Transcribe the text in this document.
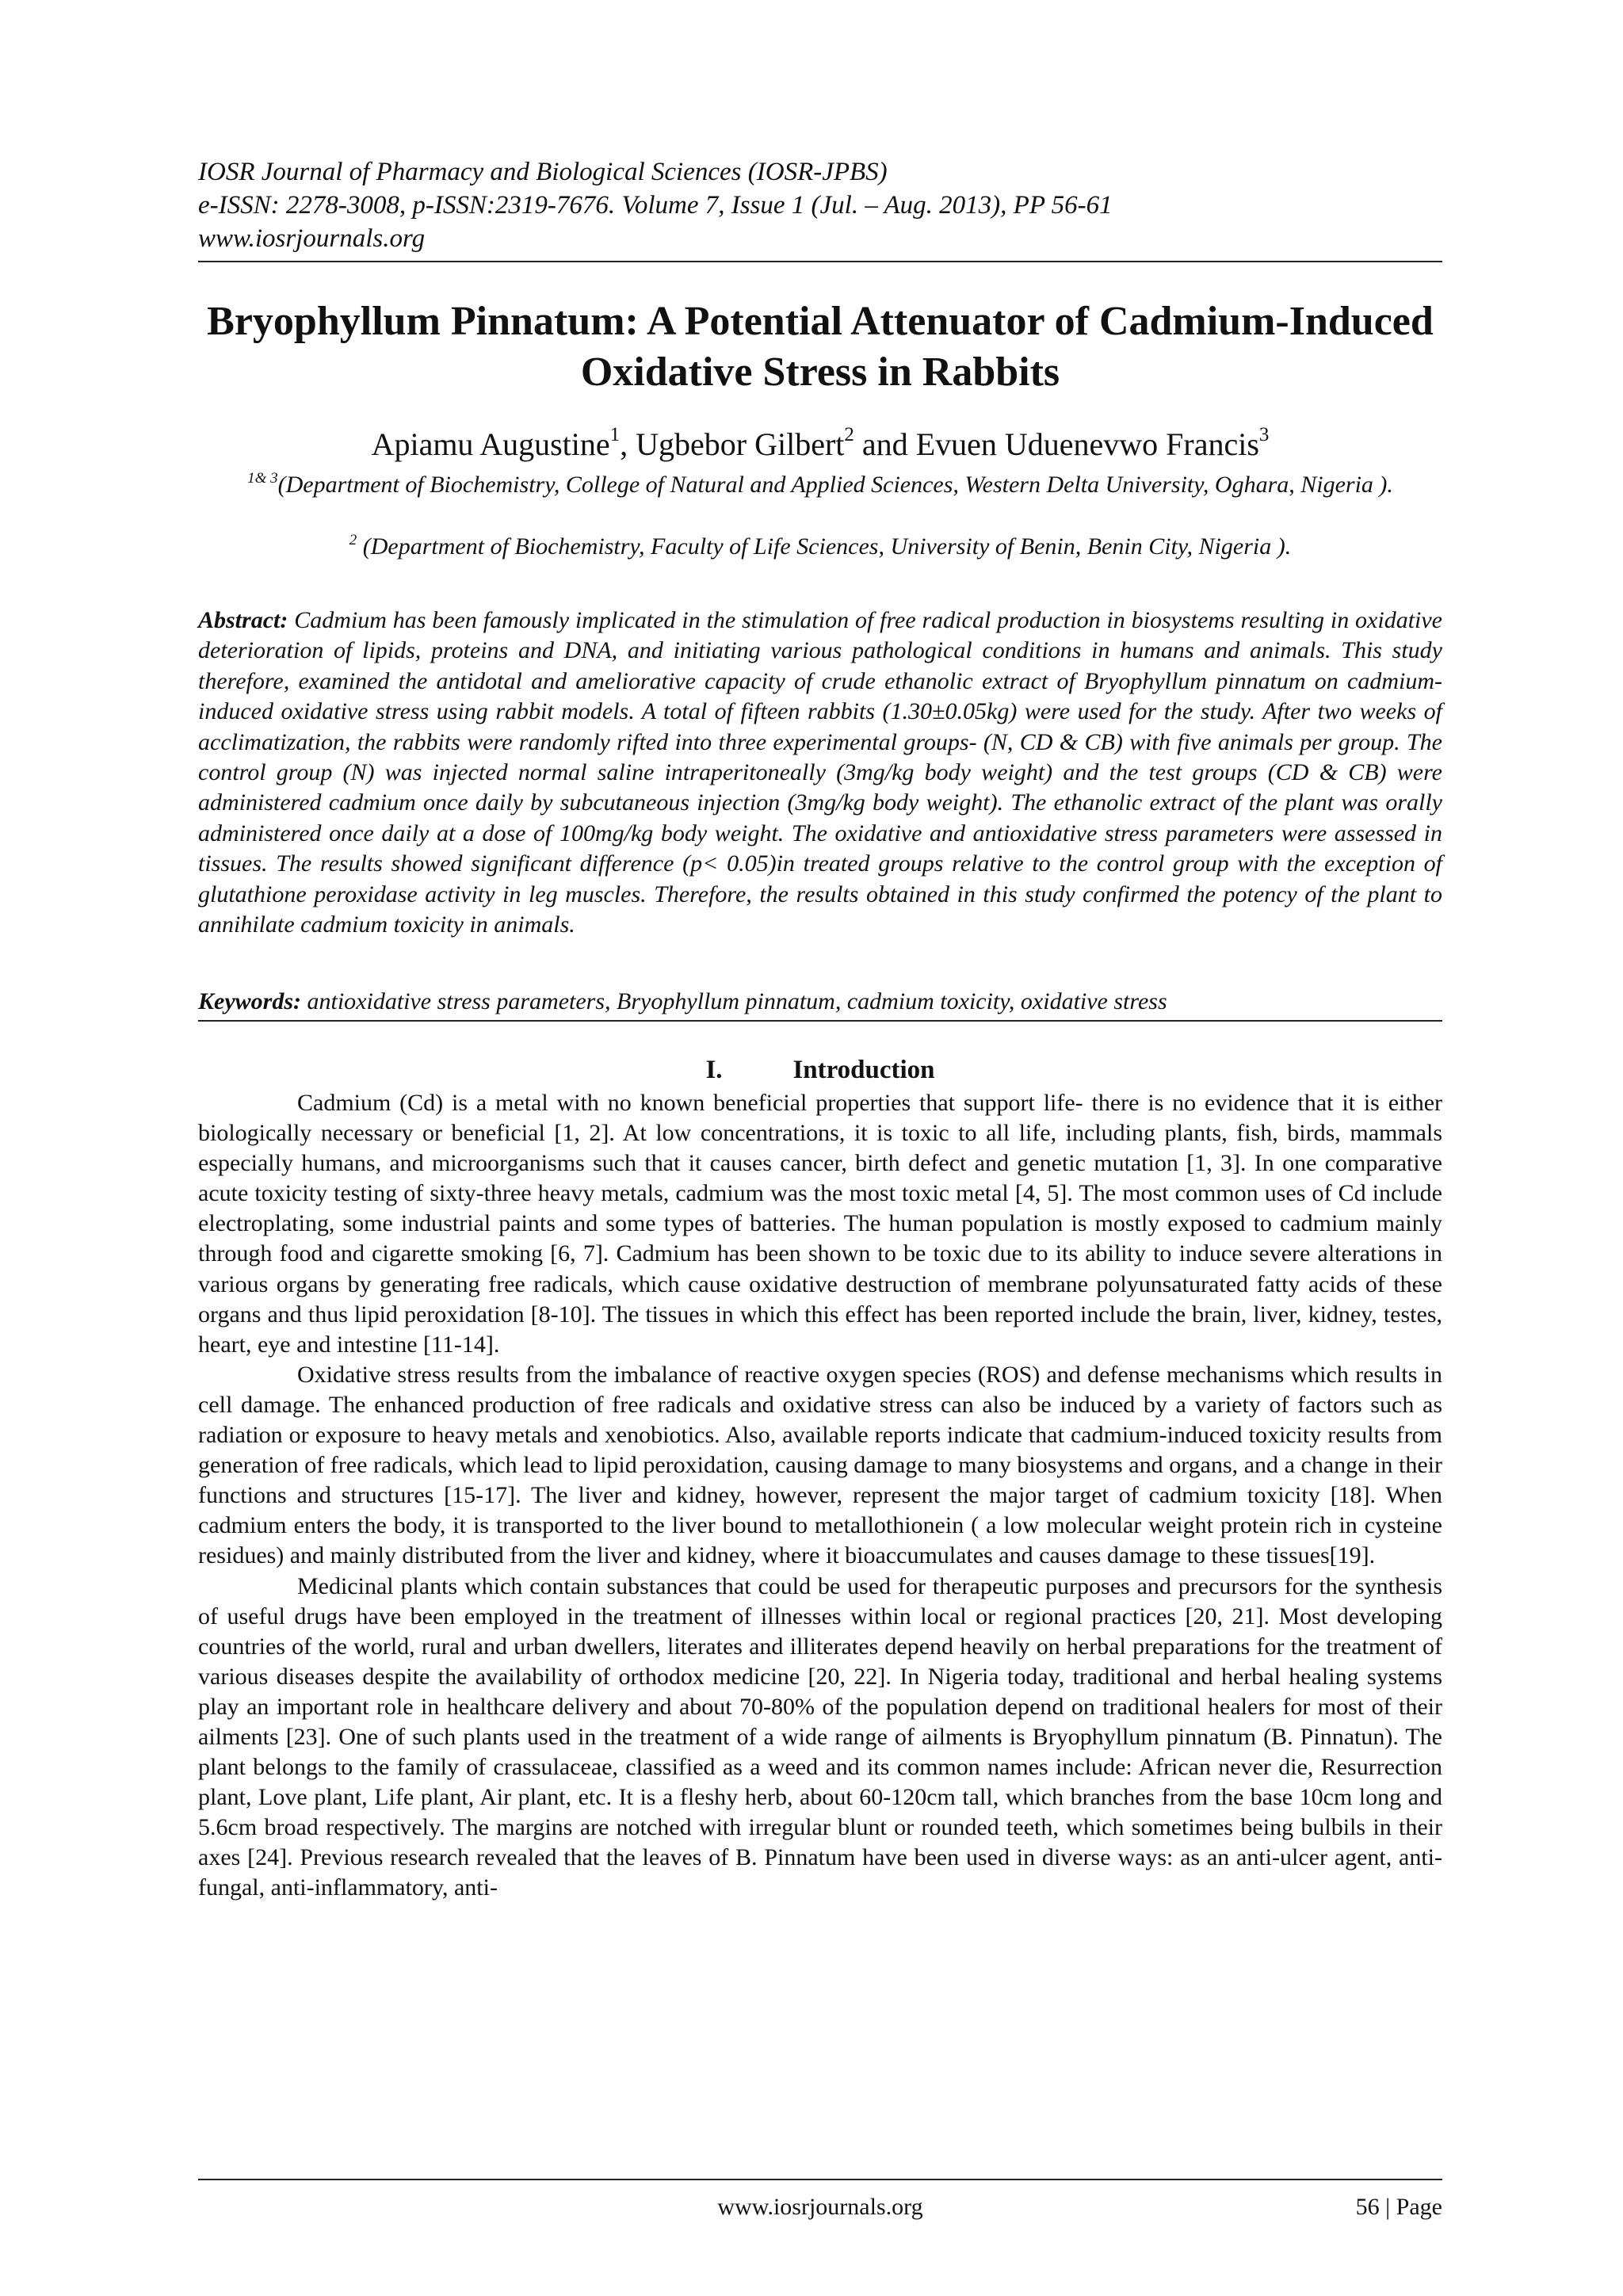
IOSR Journal of Pharmacy and Biological Sciences (IOSR-JPBS)
e-ISSN: 2278-3008, p-ISSN:2319-7676. Volume 7, Issue 1 (Jul. – Aug. 2013), PP 56-61
www.iosrjournals.org
Bryophyllum Pinnatum: A Potential Attenuator of Cadmium-Induced Oxidative Stress in Rabbits
Apiamu Augustine$^1$, Ugbebor Gilbert$^2$ and Evuen Uduenevwo Francis$^3$
$^{1\& 3}$(Department of Biochemistry, College of Natural and Applied Sciences, Western Delta University, Oghara, Nigeria ).
$^2$ (Department of Biochemistry, Faculty of Life Sciences, University of Benin, Benin City, Nigeria ).
Abstract: Cadmium has been famously implicated in the stimulation of free radical production in biosystems resulting in oxidative deterioration of lipids, proteins and DNA, and initiating various pathological conditions in humans and animals. This study therefore, examined the antidotal and ameliorative capacity of crude ethanolic extract of Bryophyllum pinnatum on cadmium-induced oxidative stress using rabbit models. A total of fifteen rabbits (1.30±0.05kg) were used for the study. After two weeks of acclimatization, the rabbits were randomly rifted into three experimental groups- (N, CD & CB) with five animals per group. The control group (N) was injected normal saline intraperitoneally (3mg/kg body weight) and the test groups (CD & CB) were administered cadmium once daily by subcutaneous injection (3mg/kg body weight). The ethanolic extract of the plant was orally administered once daily at a dose of 100mg/kg body weight. The oxidative and antioxidative stress parameters were assessed in tissues. The results showed significant difference (p< 0.05)in treated groups relative to the control group with the exception of glutathione peroxidase activity in leg muscles. Therefore, the results obtained in this study confirmed the potency of the plant to annihilate cadmium toxicity in animals.
Keywords: antioxidative stress parameters, Bryophyllum pinnatum, cadmium toxicity, oxidative stress
I.	Introduction

Cadmium (Cd) is a metal with no known beneficial properties that support life- there is no evidence that it is either biologically necessary or beneficial [1, 2]. At low concentrations, it is toxic to all life, including plants, fish, birds, mammals especially humans, and microorganisms such that it causes cancer, birth defect and genetic mutation [1, 3]. In one comparative acute toxicity testing of sixty-three heavy metals, cadmium was the most toxic metal [4, 5]. The most common uses of Cd include electroplating, some industrial paints and some types of batteries. The human population is mostly exposed to cadmium mainly through food and cigarette smoking [6, 7]. Cadmium has been shown to be toxic due to its ability to induce severe alterations in various organs by generating free radicals, which cause oxidative destruction of membrane polyunsaturated fatty acids of these organs and thus lipid peroxidation [8-10]. The tissues in which this effect has been reported include the brain, liver, kidney, testes, heart, eye and intestine [11-14].

Oxidative stress results from the imbalance of reactive oxygen species (ROS) and defense mechanisms which results in cell damage. The enhanced production of free radicals and oxidative stress can also be induced by a variety of factors such as radiation or exposure to heavy metals and xenobiotics. Also, available reports indicate that cadmium-induced toxicity results from generation of free radicals, which lead to lipid peroxidation, causing damage to many biosystems and organs, and a change in their functions and structures [15-17]. The liver and kidney, however, represent the major target of cadmium toxicity [18]. When cadmium enters the body, it is transported to the liver bound to metallothionein ( a low molecular weight protein rich in cysteine residues) and mainly distributed from the liver and kidney, where it bioaccumulates and causes damage to these tissues[19].

Medicinal plants which contain substances that could be used for therapeutic purposes and precursors for the synthesis of useful drugs have been employed in the treatment of illnesses within local or regional practices [20, 21]. Most developing countries of the world, rural and urban dwellers, literates and illiterates depend heavily on herbal preparations for the treatment of various diseases despite the availability of orthodox medicine [20, 22]. In Nigeria today, traditional and herbal healing systems play an important role in healthcare delivery and about 70-80% of the population depend on traditional healers for most of their ailments [23]. One of such plants used in the treatment of a wide range of ailments is Bryophyllum pinnatum (B. Pinnatun). The plant belongs to the family of crassulaceae, classified as a weed and its common names include: African never die, Resurrection plant, Love plant, Life plant, Air plant, etc. It is a fleshy herb, about 60-120cm tall, which branches from the base 10cm long and 5.6cm broad respectively. The margins are notched with irregular blunt or rounded teeth, which sometimes being bulbils in their axes [24]. Previous research revealed that the leaves of B. Pinnatum have been used in diverse ways: as an anti-ulcer agent, anti-fungal, anti-inflammatory, anti-

www.iosrjournals.org	56 | Page
